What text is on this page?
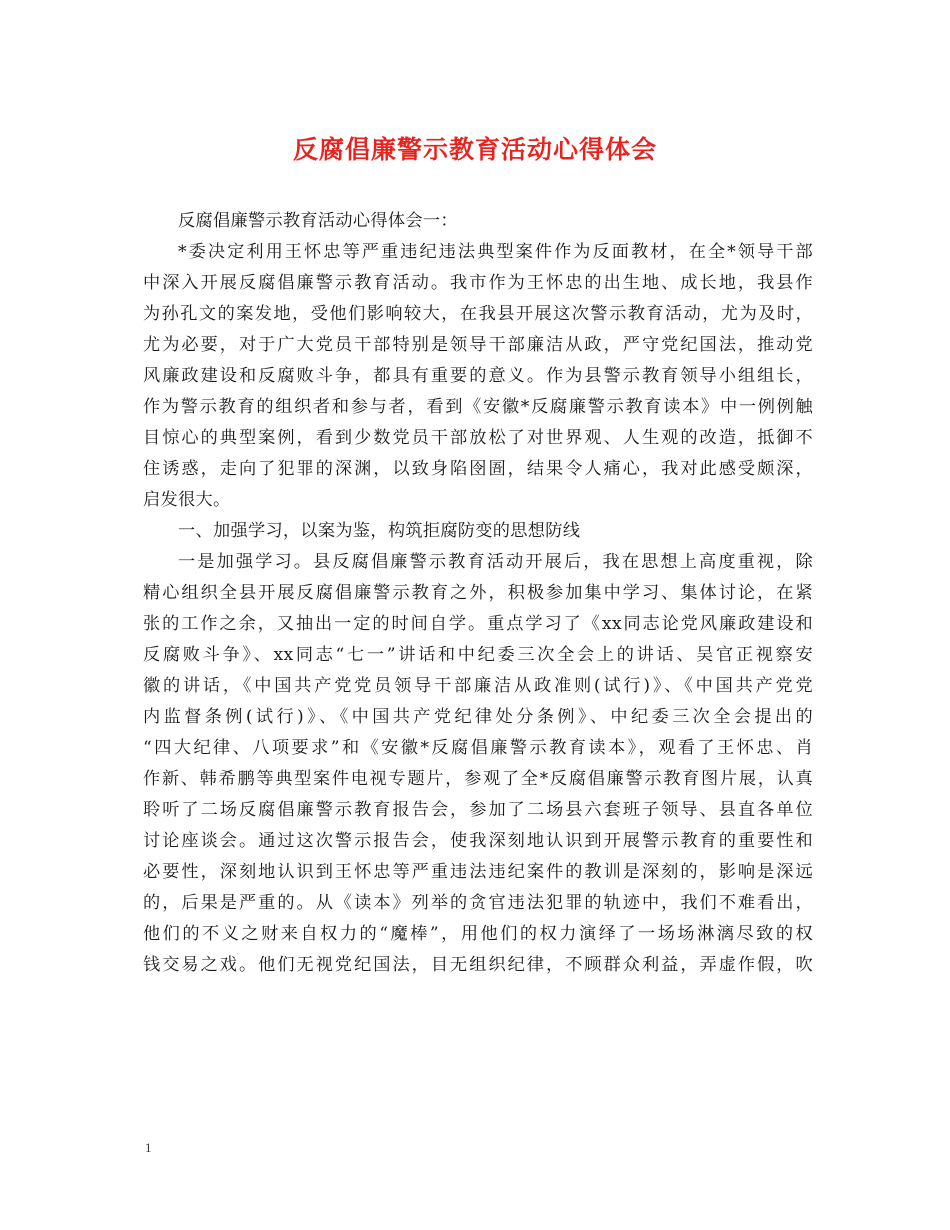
反腐倡廉警示教育活动心得体会
反腐倡廉警示教育活动心得体会一：
*委决定利用王怀忠等严重违纪违法典型案件作为反面教材，在全*领导干部
中深入开展反腐倡廉警示教育活动。我市作为王怀忠的出生地、成长地，我县作
为孙孔文的案发地，受他们影响较大，在我县开展这次警示教育活动，尤为及时，
尤为必要，对于广大党员干部特别是领导干部廉洁从政，严守党纪国法，推动党
风廉政建设和反腐败斗争，都具有重要的意义。作为县警示教育领导小组组长，
作为警示教育的组织者和参与者，看到《安徽*反腐廉警示教育读本》中一例例触
目惊心的典型案例，看到少数党员干部放松了对世界观、人生观的改造，抵御不
住诱惑，走向了犯罪的深渊，以致身陷囹圄，结果令人痛心，我对此感受颇深，
启发很大。
一、加强学习，以案为鉴，构筑拒腐防变的思想防线
一是加强学习。县反腐倡廉警示教育活动开展后，我在思想上高度重视，除
精心组织全县开展反腐倡廉警示教育之外，积极参加集中学习、集体讨论，在紧
张的工作之余，又抽出一定的时间自学。重点学习了《xx同志论党风廉政建设和
反腐败斗争》、xx同志“七一”讲话和中纪委三次全会上的讲话、吴官正视察安
徽的讲话，《中国共产党党员领导干部廉洁从政准则(试行)》、《中国共产党党
内监督条例(试行)》、《中国共产党纪律处分条例》、中纪委三次全会提出的
“四大纪律、八项要求”和《安徽*反腐倡廉警示教育读本》，观看了王怀忠、肖
作新、韩希鹏等典型案件电视专题片，参观了全*反腐倡廉警示教育图片展，认真
聆听了二场反腐倡廉警示教育报告会，参加了二场县六套班子领导、县直各单位
讨论座谈会。通过这次警示报告会，使我深刻地认识到开展警示教育的重要性和
必要性，深刻地认识到王怀忠等严重违法违纪案件的教训是深刻的，影响是深远
的，后果是严重的。从《读本》列举的贪官违法犯罪的轨迹中，我们不难看出，
他们的不义之财来自权力的“魔棒”，用他们的权力演绎了一场场淋漓尽致的权
钱交易之戏。他们无视党纪国法，目无组织纪律，不顾群众利益，弄虚作假，吹
1
